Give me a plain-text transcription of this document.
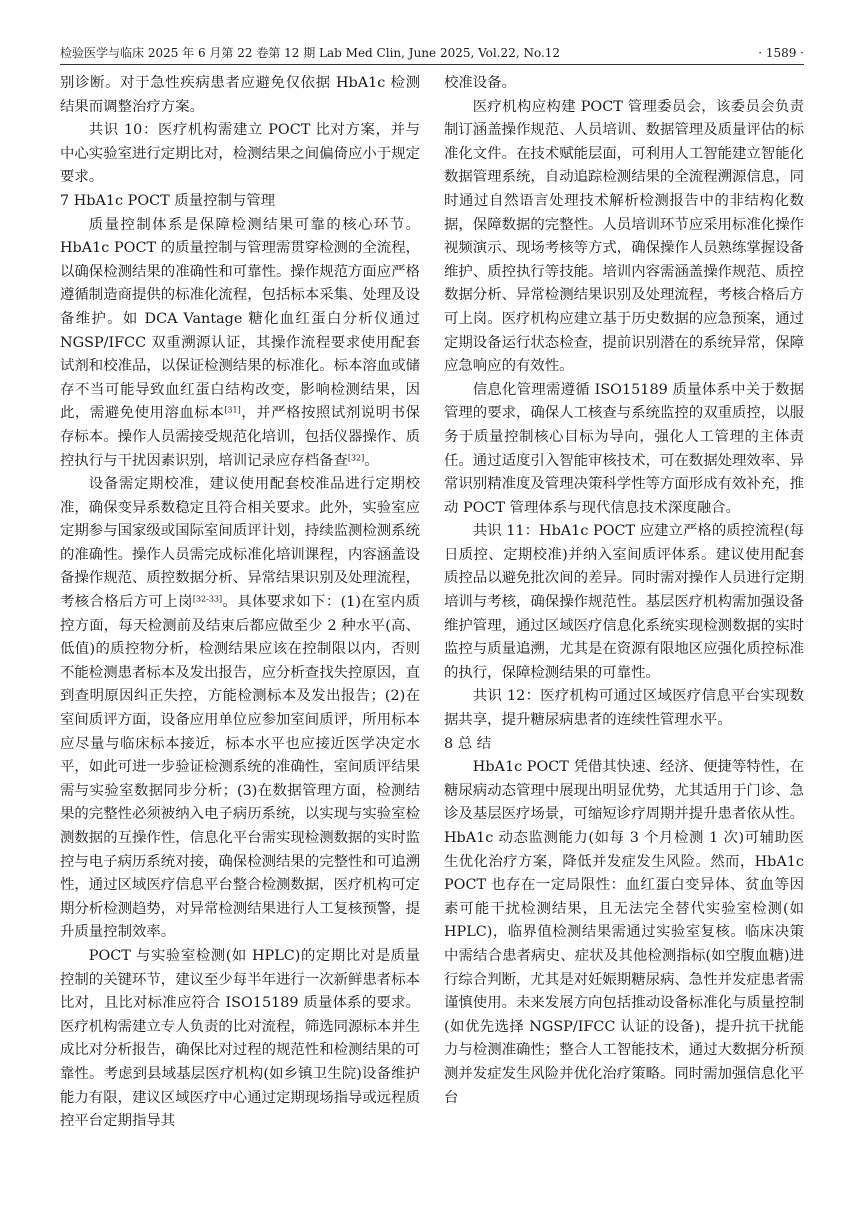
检验医学与临床 2025 年 6 月第 22 卷第 12 期 Lab Med Clin, June 2025, Vol.22, No.12	· 1589 ·

别诊断。对于急性疾病患者应避免仅依据 HbA1c 检测结果而调整治疗方案。

共识 10：医疗机构需建立 POCT 比对方案，并与中心实验室进行定期比对，检测结果之间偏倚应小于规定要求。

7 HbA1c POCT 质量控制与管理

质量控制体系是保障检测结果可靠的核心环节。HbA1c POCT 的质量控制与管理需贯穿检测的全流程，以确保检测结果的准确性和可靠性。操作规范方面应严格遵循制造商提供的标准化流程，包括标本采集、处理及设备维护。如 DCA Vantage 糖化血红蛋白分析仪通过 NGSP/IFCC 双重溯源认证，其操作流程要求使用配套试剂和校准品，以保证检测结果的标准化。标本溶血或储存不当可能导致血红蛋白结构改变，影响检测结果，因此，需避免使用溶血标本[31]，并严格按照试剂说明书保存标本。操作人员需接受规范化培训，包括仪器操作、质控执行与干扰因素识别，培训记录应存档备查[32]。

设备需定期校准，建议使用配套校准品进行定期校准，确保变异系数稳定且符合相关要求。此外，实验室应定期参与国家级或国际室间质评计划，持续监测检测系统的准确性。操作人员需完成标准化培训课程，内容涵盖设备操作规范、质控数据分析、异常结果识别及处理流程，考核合格后方可上岗[32-33]。具体要求如下：(1)在室内质控方面，每天检测前及结束后都应做至少 2 种水平(高、低值)的质控物分析，检测结果应该在控制限以内，否则不能检测患者标本及发出报告，应分析查找失控原因，直到查明原因纠正失控，方能检测标本及发出报告；(2)在室间质评方面，设备应用单位应参加室间质评，所用标本应尽量与临床标本接近，标本水平也应接近医学决定水平，如此可进一步验证检测系统的准确性，室间质评结果需与实验室数据同步分析；(3)在数据管理方面，检测结果的完整性必须被纳入电子病历系统，以实现与实验室检测数据的互操作性，信息化平台需实现检测数据的实时监控与电子病历系统对接，确保检测结果的完整性和可追溯性，通过区域医疗信息平台整合检测数据，医疗机构可定期分析检测趋势，对异常检测结果进行人工复核预警，提升质量控制效率。

POCT 与实验室检测(如 HPLC)的定期比对是质量控制的关键环节，建议至少每半年进行一次新鲜患者标本比对，且比对标准应符合 ISO15189 质量体系的要求。医疗机构需建立专人负责的比对流程，筛选同源标本并生成比对分析报告，确保比对过程的规范性和检测结果的可靠性。考虑到县域基层医疗机构(如乡镇卫生院)设备维护能力有限，建议区域医疗中心通过定期现场指导或远程质控平台定期指导其

校准设备。

医疗机构应构建 POCT 管理委员会，该委员会负责制订涵盖操作规范、人员培训、数据管理及质量评估的标准化文件。在技术赋能层面，可利用人工智能建立智能化数据管理系统，自动追踪检测结果的全流程溯源信息，同时通过自然语言处理技术解析检测报告中的非结构化数据，保障数据的完整性。人员培训环节应采用标准化操作视频演示、现场考核等方式，确保操作人员熟练掌握设备维护、质控执行等技能。培训内容需涵盖操作规范、质控数据分析、异常检测结果识别及处理流程，考核合格后方可上岗。医疗机构应建立基于历史数据的应急预案，通过定期设备运行状态检查，提前识别潜在的系统异常，保障应急响应的有效性。

信息化管理需遵循 ISO15189 质量体系中关于数据管理的要求，确保人工核查与系统监控的双重质控，以服务于质量控制核心目标为导向，强化人工管理的主体责任。通过适度引入智能审核技术，可在数据处理效率、异常识别精准度及管理决策科学性等方面形成有效补充，推动 POCT 管理体系与现代信息技术深度融合。

共识 11：HbA1c POCT 应建立严格的质控流程(每日质控、定期校准)并纳入室间质评体系。建议使用配套质控品以避免批次间的差异。同时需对操作人员进行定期培训与考核，确保操作规范性。基层医疗机构需加强设备维护管理，通过区域医疗信息化系统实现检测数据的实时监控与质量追溯，尤其是在资源有限地区应强化质控标准的执行，保障检测结果的可靠性。

共识 12：医疗机构可通过区域医疗信息平台实现数据共享，提升糖尿病患者的连续性管理水平。

8 总 结

HbA1c POCT 凭借其快速、经济、便捷等特性，在糖尿病动态管理中展现出明显优势，尤其适用于门诊、急诊及基层医疗场景，可缩短诊疗周期并提升患者依从性。HbA1c 动态监测能力(如每 3 个月检测 1 次)可辅助医生优化治疗方案，降低并发症发生风险。然而，HbA1c POCT 也存在一定局限性：血红蛋白变异体、贫血等因素可能干扰检测结果，且无法完全替代实验室检测(如 HPLC)，临界值检测结果需通过实验室复核。临床决策中需结合患者病史、症状及其他检测指标(如空腹血糖)进行综合判断，尤其是对妊娠期糖尿病、急性并发症患者需谨慎使用。未来发展方向包括推动设备标准化与质量控制(如优先选择 NGSP/IFCC 认证的设备)，提升抗干扰能力与检测准确性；整合人工智能技术，通过大数据分析预测并发症发生风险并优化治疗策略。同时需加强信息化平台
